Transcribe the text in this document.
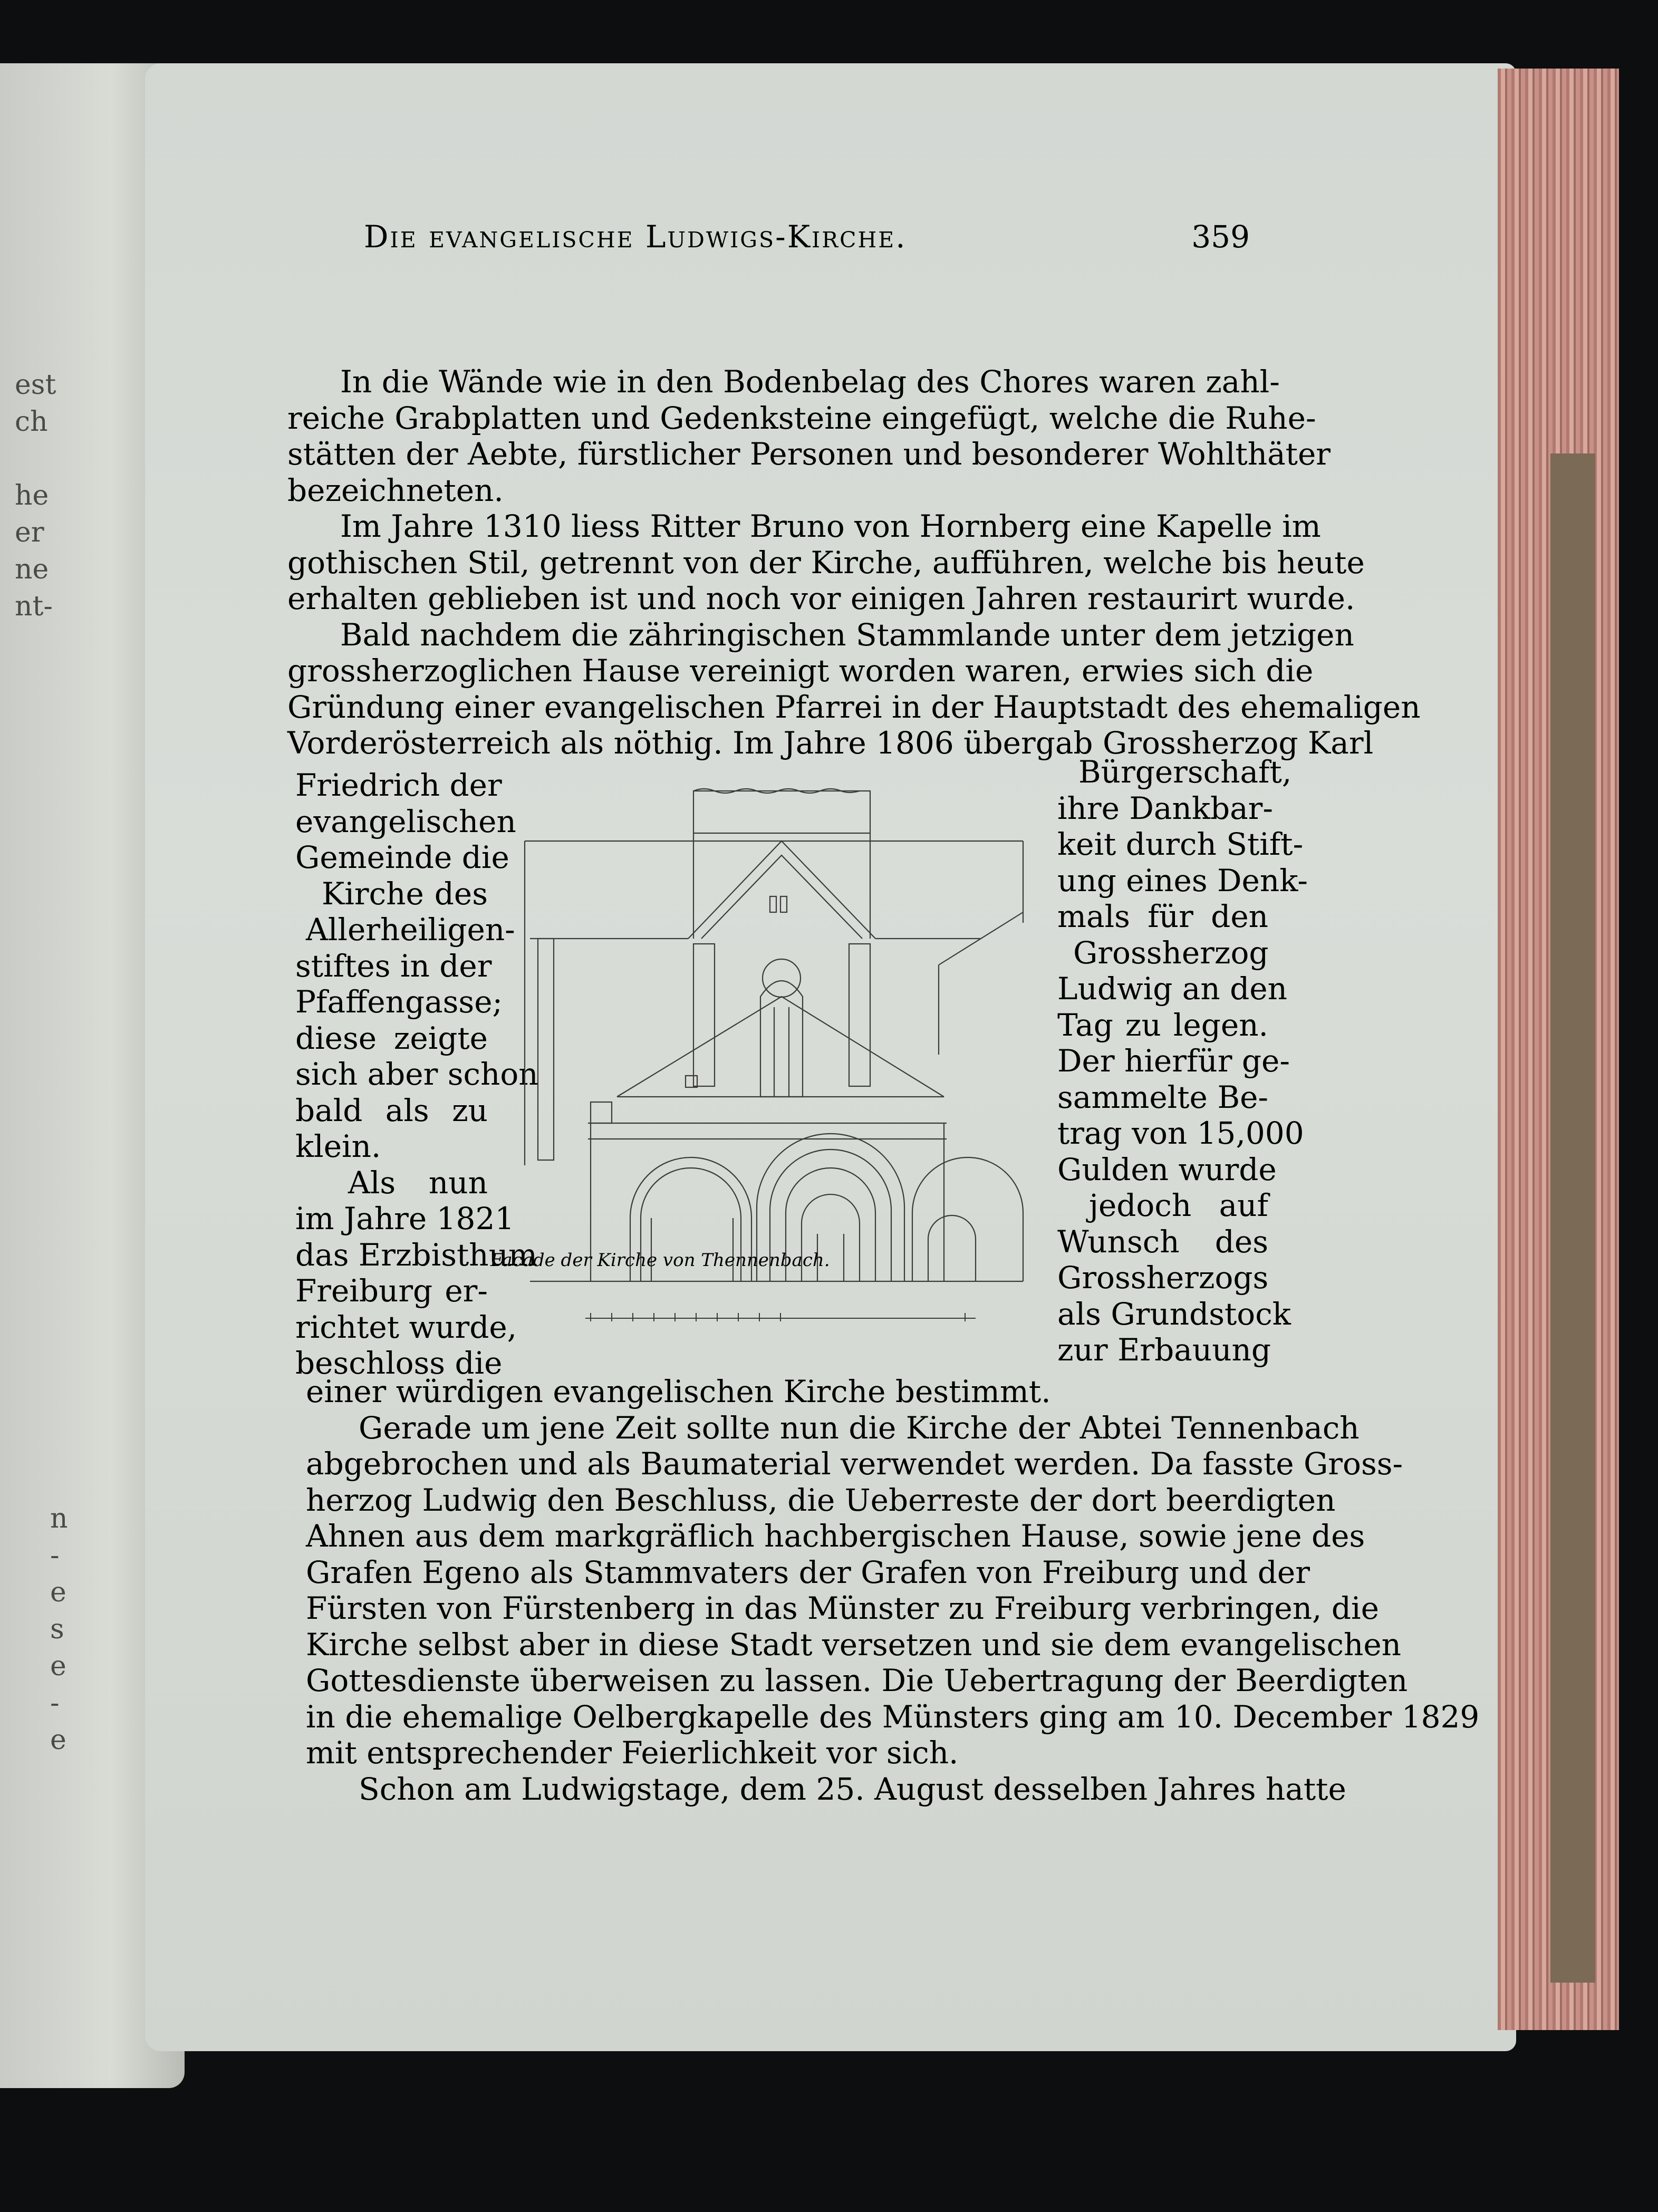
est
ch
he
er
ne
nt-
n
-
e
s
e
-
e
Die evangelische Ludwigs-Kirche.	359
In die Wände wie in den Bodenbelag des Chores waren zahl-
reiche Grabplatten und Gedenksteine eingefügt, welche die Ruhe-
stätten der Aebte, fürstlicher Personen und besonderer Wohlthäter
bezeichneten.
Im Jahre 1310 liess Ritter Bruno von Hornberg eine Kapelle im
gothischen Stil, getrennt von der Kirche, aufführen, welche bis heute
erhalten geblieben ist und noch vor einigen Jahren restaurirt wurde.
Bald nachdem die zähringischen Stammlande unter dem jetzigen
grossherzoglichen Hause vereinigt worden waren, erwies sich die
Gründung einer evangelischen Pfarrei in der Hauptstadt des ehemaligen
Vorderösterreich als nöthig. Im Jahre 1806 übergab Grossherzog Karl
Friedrich der
evangelischen
Gemeinde die
Kirche des
Allerheiligen-
stiftes in der
Pfaffengasse;
diese zeigte
sich aber schon
bald als zu
klein.
Als nun
im Jahre 1821
das Erzbisthum
Freiburg er-
richtet wurde,
beschloss die
Bürgerschaft,
ihre Dankbar-
keit durch Stift-
ung eines Denk-
mals für den
Grossherzog
Ludwig an den
Tag zu legen.
Der hierfür ge-
sammelte Be-
trag von 15,000
Gulden wurde
jedoch auf
Wunsch des
Grossherzogs
als Grundstock
zur Erbauung
einer würdigen evangelischen Kirche bestimmt.
Gerade um jene Zeit sollte nun die Kirche der Abtei Tennenbach
abgebrochen und als Baumaterial verwendet werden. Da fasste Gross-
herzog Ludwig den Beschluss, die Ueberreste der dort beerdigten
Ahnen aus dem markgräflich hachbergischen Hause, sowie jene des
Grafen Egeno als Stammvaters der Grafen von Freiburg und der
Fürsten von Fürstenberg in das Münster zu Freiburg verbringen, die
Kirche selbst aber in diese Stadt versetzen und sie dem evangelischen
Gottesdienste überweisen zu lassen. Die Uebertragung der Beerdigten
in die ehemalige Oelbergkapelle des Münsters ging am 10. December 1829
mit entsprechender Feierlichkeit vor sich.
Schon am Ludwigstage, dem 25. August desselben Jahres hatte
Facade der Kirche von Thennenbach.
